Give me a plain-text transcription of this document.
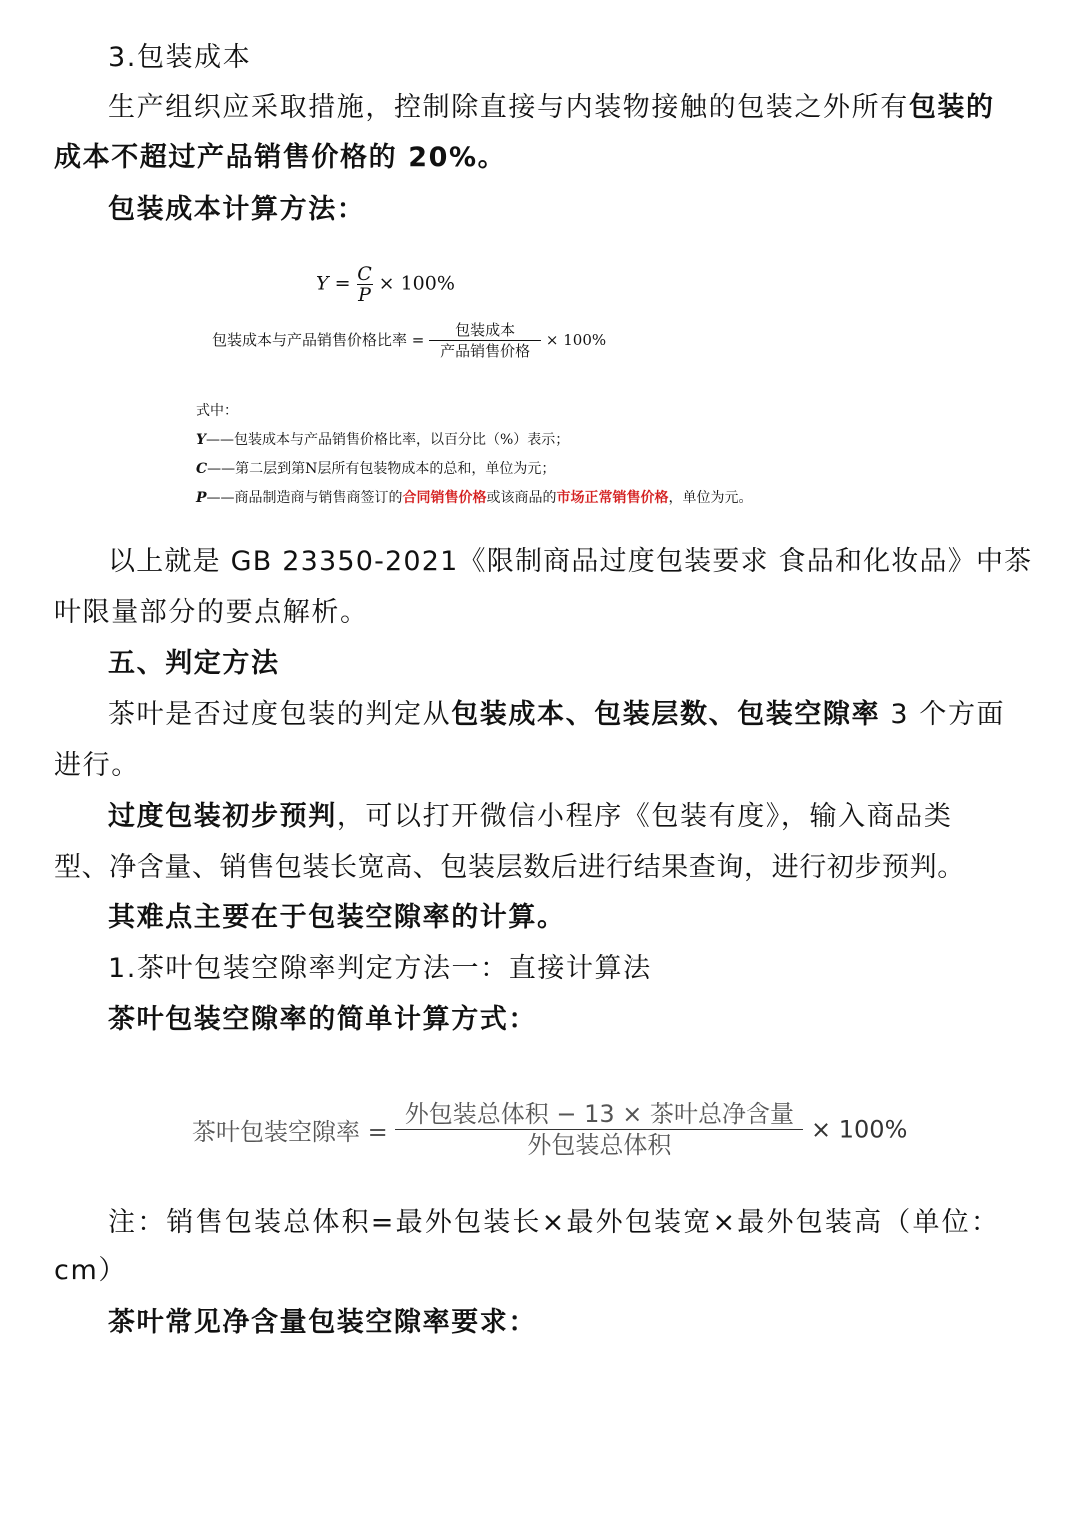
3.包装成本
生产组织应采取措施，控制除直接与内装物接触的包装之外所有包装的
成本不超过产品销售价格的 20%。
包装成本计算方法：
$Y = \frac{C}{P} \times 100\%$
包装成本与产品销售价格比率 = $\frac{\text{包装成本}}{\text{产品销售价格}} \times 100\%$
式中：
Y——包装成本与产品销售价格比率，以百分比（%）表示；
C——第二层到第N层所有包装物成本的总和，单位为元；
P——商品制造商与销售商签订的合同销售价格或该商品的市场正常销售价格，单位为元。
以上就是 GB 23350-2021《限制商品过度包装要求 食品和化妆品》中茶
叶限量部分的要点解析。
五、判定方法
茶叶是否过度包装的判定从包装成本、包装层数、包装空隙率 3 个方面
进行。
过度包装初步预判，可以打开微信小程序《包装有度》，输入商品类
型、净含量、销售包装长宽高、包装层数后进行结果查询，进行初步预判。
其难点主要在于包装空隙率的计算。
1.茶叶包装空隙率判定方法一：直接计算法
茶叶包装空隙率的简单计算方式：
茶叶包装空隙率 = $\frac{\text{外包装总体积 − 13 × 茶叶总净含量}}{\text{外包装总体积}} \times 100\%$
注：销售包装总体积=最外包装长×最外包装宽×最外包装高（单位：
cm）
茶叶常见净含量包装空隙率要求：
